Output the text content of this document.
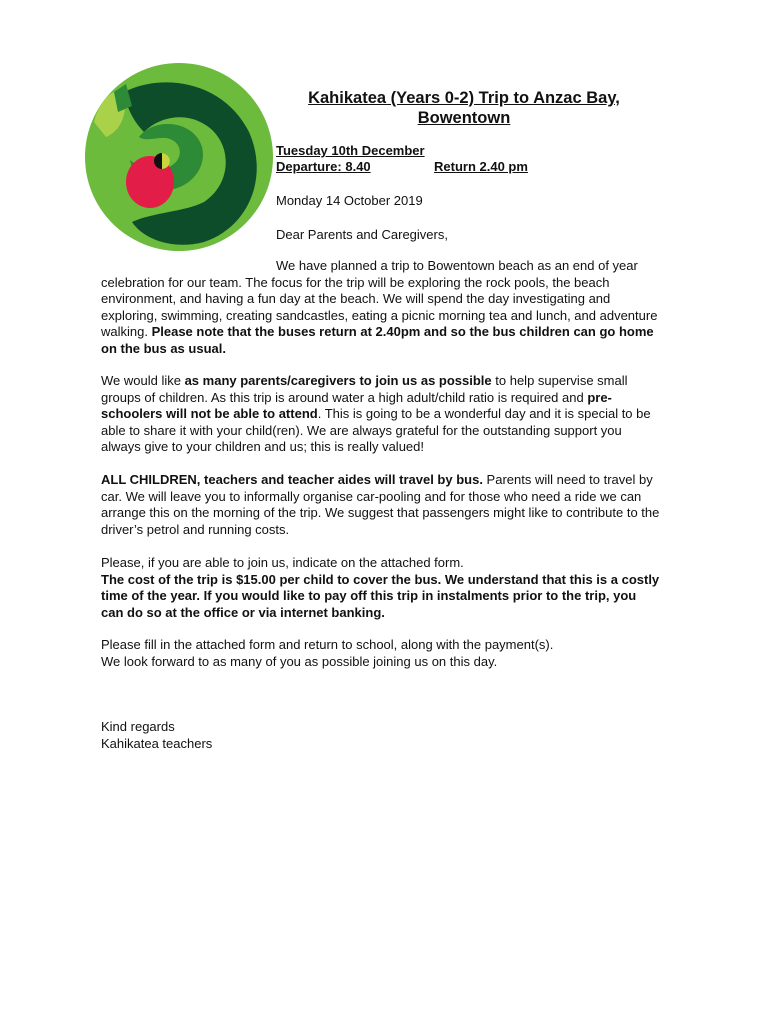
Kahikatea (Years 0-2) Trip to Anzac Bay,
Bowentown
Tuesday 10th December
Departure: 8.40	Return 2.40 pm
Monday 14 October 2019
Dear Parents and Caregivers,
We have planned a trip to Bowentown beach as an end of year celebration for our team. The focus for the trip will be exploring the rock pools, the beach environment, and having a fun day at the beach. We will spend the day investigating and exploring, swimming, creating sandcastles, eating a picnic morning tea and lunch, and adventure walking. Please note that the buses return at 2.40pm and so the bus children can go home on the bus as usual.
We would like as many parents/caregivers to join us as possible to help supervise small groups of children. As this trip is around water a high adult/child ratio is required and pre-schoolers will not be able to attend. This is going to be a wonderful day and it is special to be able to share it with your child(ren). We are always grateful for the outstanding support you always give to your children and us; this is really valued!
ALL CHILDREN, teachers and teacher aides will travel by bus. Parents will need to travel by car. We will leave you to informally organise car-pooling and for those who need a ride we can arrange this on the morning of the trip. We suggest that passengers might like to contribute to the driver’s petrol and running costs.
Please, if you are able to join us, indicate on the attached form.
The cost of the trip is $15.00 per child to cover the bus. We understand that this is a costly time of the year. If you would like to pay off this trip in instalments prior to the trip, you can do so at the office or via internet banking.
Please fill in the attached form and return to school, along with the payment(s).
We look forward to as many of you as possible joining us on this day.
Kind regards
Kahikatea teachers
